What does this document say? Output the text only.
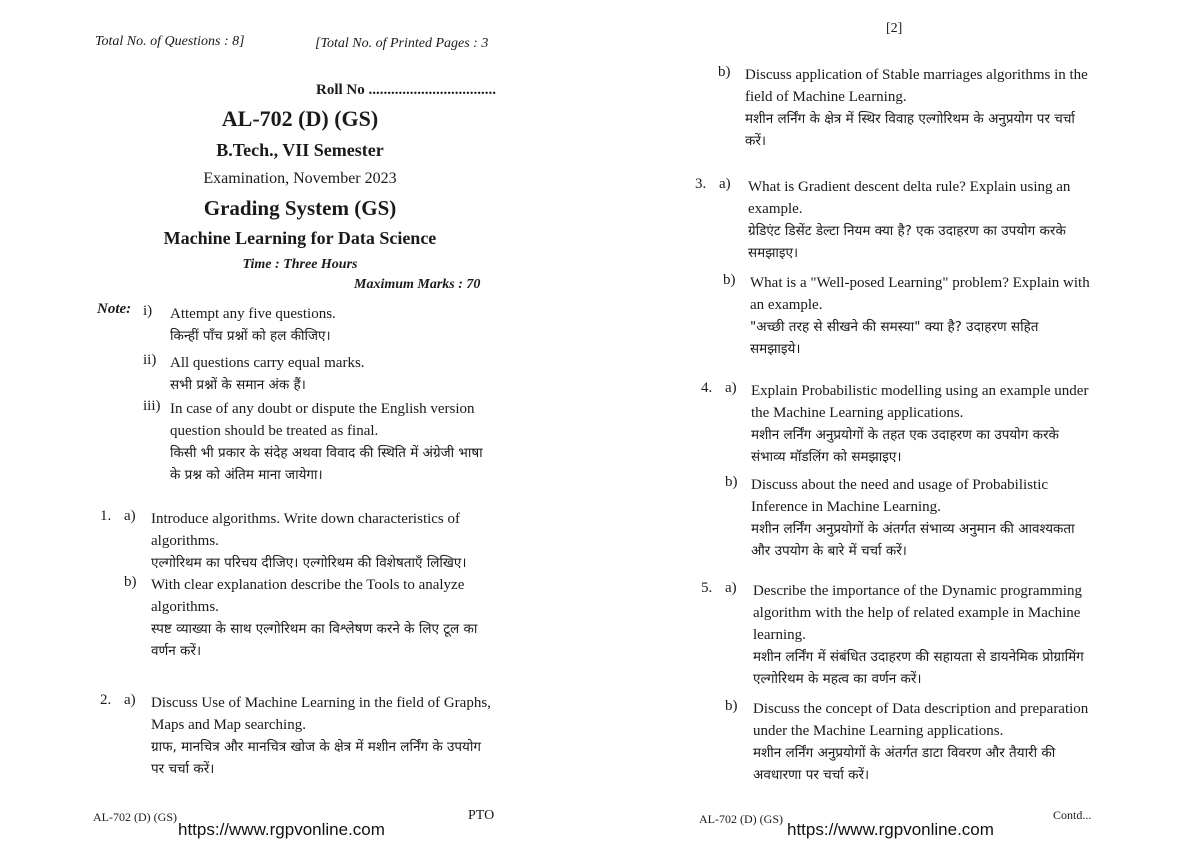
Total No. of Questions : 8]	[Total No. of Printed Pages : 3
Roll No ..................................
AL-702 (D) (GS)
B.Tech., VII Semester
Examination, November 2023
Grading System (GS)
Machine Learning for Data Science
Time : Three Hours
Maximum Marks : 70
Note: i) Attempt any five questions.
किन्हीं पाँच प्रश्नों को हल कीजिए।
ii) All questions carry equal marks.
सभी प्रश्नों के समान अंक हैं।
iii) In case of any doubt or dispute the English version
question should be treated as final.
किसी भी प्रकार के संदेह अथवा विवाद की स्थिति में अंग्रेजी भाषा
के प्रश्न को अंतिम माना जायेगा।
1. a) Introduce algorithms. Write down characteristics of
algorithms.
एल्गोरिथम का परिचय दीजिए। एल्गोरिथम की विशेषताएँ लिखिए।
b) With clear explanation describe the Tools to analyze
algorithms.
स्पष्ट व्याख्या के साथ एल्गोरिथम का विश्लेषण करने के लिए टूल का
वर्णन करें।
2. a) Discuss Use of Machine Learning in the field of Graphs,
Maps and Map searching.
ग्राफ, मानचित्र और मानचित्र खोज के क्षेत्र में मशीन लर्निंग के उपयोग
पर चर्चा करें।
AL-702 (D) (GS)	PTO
https://www.rgpvonline.com
[2]
b) Discuss application of Stable marriages algorithms in the
field of Machine Learning.
मशीन लर्निंग के क्षेत्र में स्थिर विवाह एल्गोरिथम के अनुप्रयोग पर चर्चा
करें।
3. a) What is Gradient descent delta rule? Explain using an
example.
ग्रेडिएंट डिसेंट डेल्टा नियम क्या है? एक उदाहरण का उपयोग करके
समझाइए।
b) What is a "Well-posed Learning" problem? Explain with
an example.
"अच्छी तरह से सीखने की समस्या" क्या है? उदाहरण सहित
समझाइये।
4. a) Explain Probabilistic modelling using an example under
the Machine Learning applications.
मशीन लर्निंग अनुप्रयोगों के तहत एक उदाहरण का उपयोग करके
संभाव्य मॉडलिंग को समझाइए।
b) Discuss about the need and usage of Probabilistic
Inference in Machine Learning.
मशीन लर्निंग अनुप्रयोगों के अंतर्गत संभाव्य अनुमान की आवश्यकता
और उपयोग के बारे में चर्चा करें।
5. a) Describe the importance of the Dynamic programming
algorithm with the help of related example in Machine
learning.
मशीन लर्निंग में संबंधित उदाहरण की सहायता से डायनेमिक प्रोग्रामिंग
एल्गोरिथम के महत्व का वर्णन करें।
b) Discuss the concept of Data description and preparation
under the Machine Learning applications.
मशीन लर्निंग अनुप्रयोगों के अंतर्गत डाटा विवरण और तैयारी की
अवधारणा पर चर्चा करें।
AL-702 (D) (GS)	Contd...
https://www.rgpvonline.com
